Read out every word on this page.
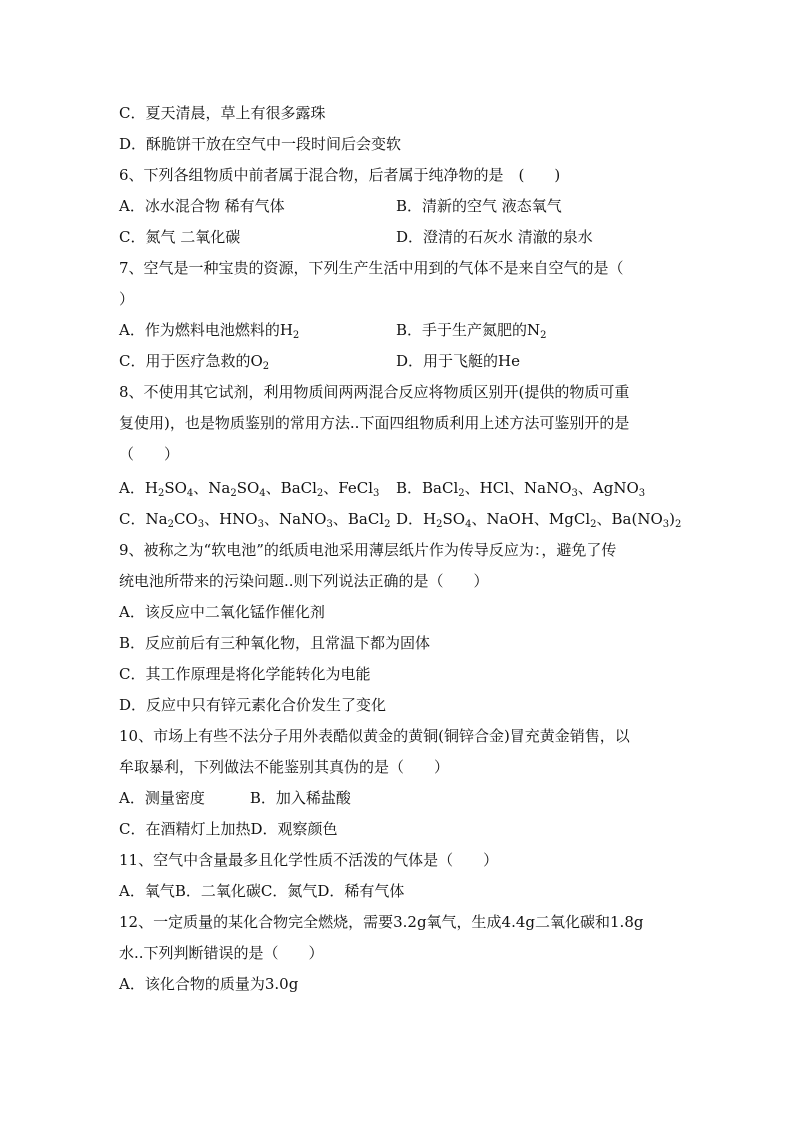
C．夏天清晨，草上有很多露珠
D．酥脆饼干放在空气中一段时间后会变软
6、下列各组物质中前者属于混合物，后者属于纯净物的是　(　　)
A．冰水混合物 稀有气体	B．清新的空气 液态氧气
C．氮气 二氧化碳	D．澄清的石灰水 清澈的泉水
7、空气是一种宝贵的资源，下列生产生活中用到的气体不是来自空气的是（
）
A．作为燃料电池燃料的$H_2$	B．手于生产氮肥的$N_2$
C．用于医疗急救的$O_2$	D．用于飞艇的He
8、不使用其它试剂，利用物质间两两混合反应将物质区别开(提供的物质可重
复使用)，也是物质鉴别的常用方法..下面四组物质利用上述方法可鉴别开的是
（　　）
A．$H_2SO_4$、$Na_2SO_4$、BaCl$_2$、FeCl$_3$ B．BaCl$_2$、HCl、NaNO$_3$、AgNO$_3$
C．$Na_2CO_3$、$HNO_3$、NaNO$_3$、BaCl$_2$ D．$H_2SO_4$、NaOH、MgCl$_2$、$Ba(NO_3)_2$
9、被称之为“软电池”的纸质电池采用薄层纸片作为传导反应为：，避免了传
统电池所带来的污染问题..则下列说法正确的是（　　）
A．该反应中二氧化锰作催化剂
B．反应前后有三种氧化物，且常温下都为固体
C．其工作原理是将化学能转化为电能
D．反应中只有锌元素化合价发生了变化
10、市场上有些不法分子用外表酷似黄金的黄铜(铜锌合金)冒充黄金销售，以
牟取暴利，下列做法不能鉴别其真伪的是（　　）
A．测量密度　　　B．加入稀盐酸
C．在酒精灯上加热D．观察颜色
11、空气中含量最多且化学性质不活泼的气体是（　　）
A．氧气B．二氧化碳C．氮气D．稀有气体
12、一定质量的某化合物完全燃烧，需要3.2g氧气，生成4.4g二氧化碳和1.8g
水..下列判断错误的是（　　）
A．该化合物的质量为3.0g
